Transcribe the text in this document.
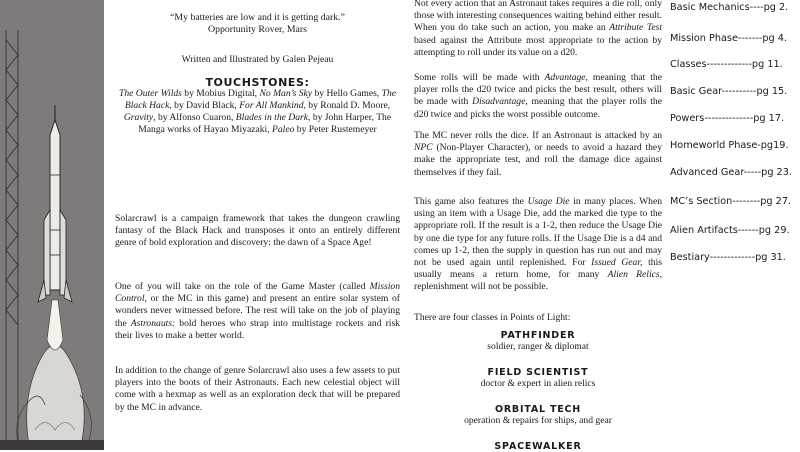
“My batteries are low and it is getting dark.”

Opportunity Rover, Mars

Written and Illustrated by Galen Pejeau

TOUCHSTONES:

The Outer Wilds by Mobius Digital, No Man’s Sky by Hello Games, The Black Hack, by David Black, For All Mankind, by Ronald D. Moore, Gravity, by Alfonso Cuaron, Blades in the Dark, by John Harper, The Manga works of Hayao Miyazaki, Paleo by Peter Rustemeyer

Solarcrawl is a campaign framework that takes the dungeon crawling fantasy of the Black Hack and transposes it onto an entirely different genre of bold exploration and discovery: the dawn of a Space Age!

One of you will take on the role of the Game Master (called Mission Control, or the MC in this game) and present an entire solar system of wonders never witnessed before. The rest will take on the job of playing the Astronauts: bold heroes who strap into multistage rockets and risk their lives to make a better world.

In addition to the change of genre Solarcrawl also uses a few assets to put players into the boots of their Astronauts. Each new celestial object will come with a hexmap as well as an exploration deck that will be prepared by the MC in advance.

Not every action that an Astronaut takes requires a die roll, only those with interesting consequences waiting behind either result. When you do take such an action, you make an Attribute Test based against the Attribute most appropriate to the action by attempting to roll under its value on a d20.

Some rolls will be made with Advantage, meaning that the player rolls the d20 twice and picks the best result, others will be made with Disadvantage, meaning that the player rolls the d20 twice and picks the worst possible outcome.

The MC never rolls the dice. If an Astronaut is attacked by an NPC (Non-Player Character), or needs to avoid a hazard they make the appropriate test, and roll the damage dice against themselves if they fail.

This game also features the Usage Die in many places. When using an item with a Usage Die, add the marked die type to the appropriate roll. If the result is a 1-2, then reduce the Usage Die by one die type for any future rolls. If the Usage Die is a d4 and comes up 1-2, then the supply in question has run out and may not be used again until replenished. For Issued Gear, this usually means a return home, for many Alien Relics, replenishment will not be possible.

There are four classes in Points of Light:

PATHFINDER
soldier, ranger & diplomat
FIELD SCIENTIST
doctor & expert in alien relics
ORBITAL TECH
operation & repairs for ships, and gear
SPACEWALKER
Basic Mechanics----pg 2.
Mission Phase-------pg 4.
Classes-------------pg 11.
Basic Gear----------pg 15.
Powers--------------pg 17.
Homeworld Phase-pg19.
Advanced Gear-----pg 23.
MC’s Section--------pg 27.
Alien Artifacts------pg 29.
Bestiary-------------pg 31.
